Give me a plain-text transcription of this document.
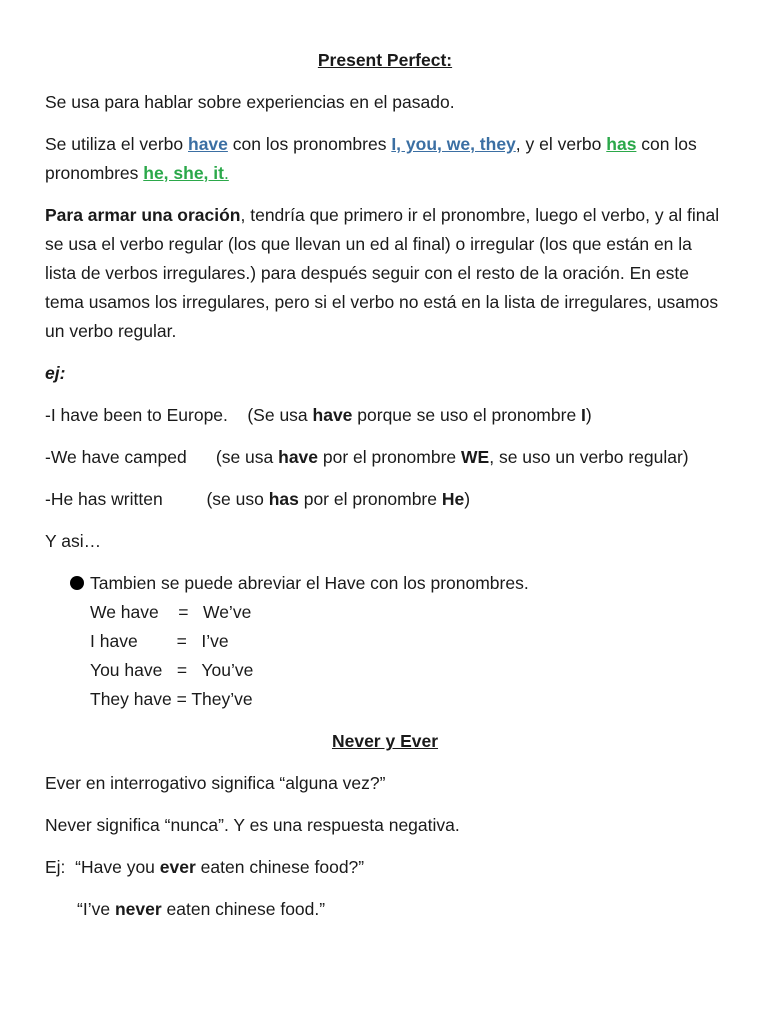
Present Perfect:

Se usa para hablar sobre experiencias en el pasado.

Se utiliza el verbo have con los pronombres I, you, we, they, y el verbo has con los pronombres he, she, it.

Para armar una oración, tendría que primero ir el pronombre, luego el verbo, y al final se usa el verbo regular (los que llevan un ed al final) o irregular (los que están en la lista de verbos irregulares.) para después seguir con el resto de la oración. En este tema usamos los irregulares, pero si el verbo no está en la lista de irregulares, usamos un verbo regular.

ej:

-I have been to Europe.    (Se usa have porque se uso el pronombre I)

-We have camped      (se usa have por el pronombre WE, se uso un verbo regular)

-He has written         (se uso has por el pronombre He)

Y asi…

Tambien se puede abreviar el Have con los pronombres.
We have    =   We’ve
I have        =   I’ve
You have   =   You’ve
They have = They’ve

Never y Ever

Ever en interrogativo significa “alguna vez?”

Never significa “nunca”. Y es una respuesta negativa.

Ej:  “Have you ever eaten chinese food?”

“I’ve never eaten chinese food.”
